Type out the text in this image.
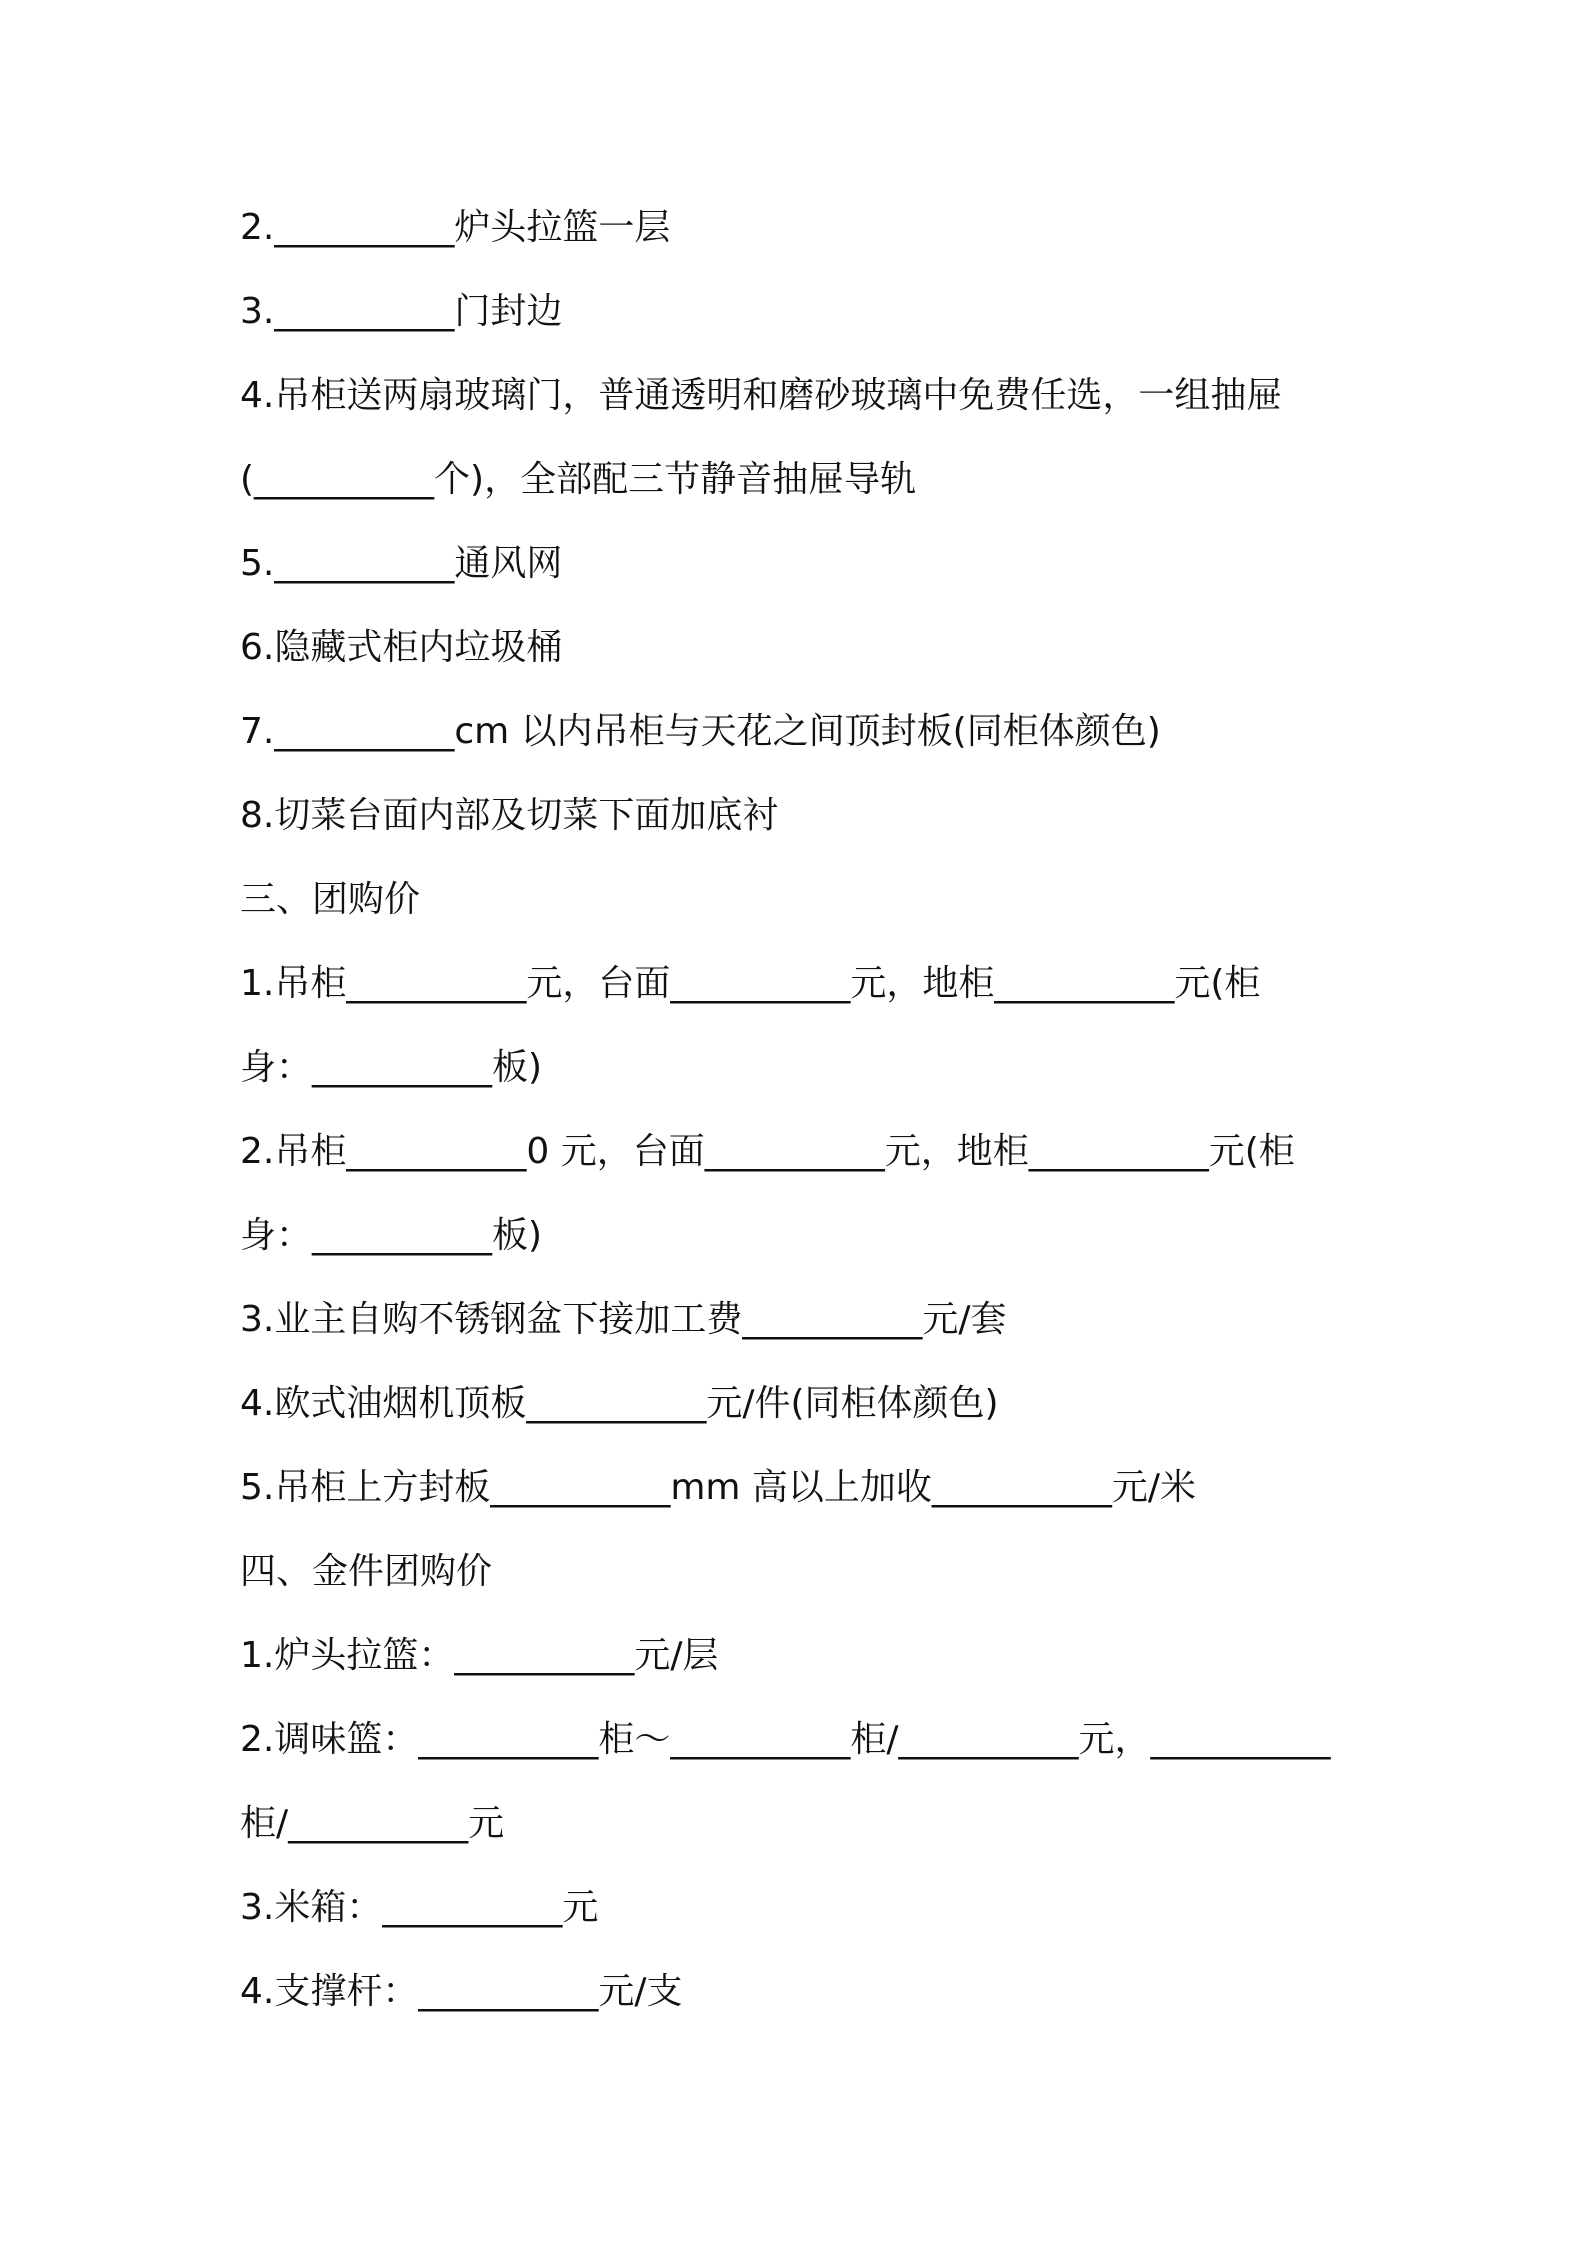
2.__________炉头拉篮一层
3.__________门封边
4.吊柜送两扇玻璃门，普通透明和磨砂玻璃中免费任选，一组抽屉
(__________个)，全部配三节静音抽屉导轨
5.__________通风网
6.隐藏式柜内垃圾桶
7.__________cm 以内吊柜与天花之间顶封板(同柜体颜色)
8.切菜台面内部及切菜下面加底衬
三、团购价
1.吊柜__________元，台面__________元，地柜__________元(柜
身：__________板)
2.吊柜__________0 元，台面__________元，地柜__________元(柜
身：__________板)
3.业主自购不锈钢盆下接加工费__________元/套
4.欧式油烟机顶板__________元/件(同柜体颜色)
5.吊柜上方封板__________mm 高以上加收__________元/米
四、金件团购价
1.炉头拉篮：__________元/层
2.调味篮：__________柜～__________柜/__________元，__________
柜/__________元
3.米箱：__________元
4.支撑杆：__________元/支
